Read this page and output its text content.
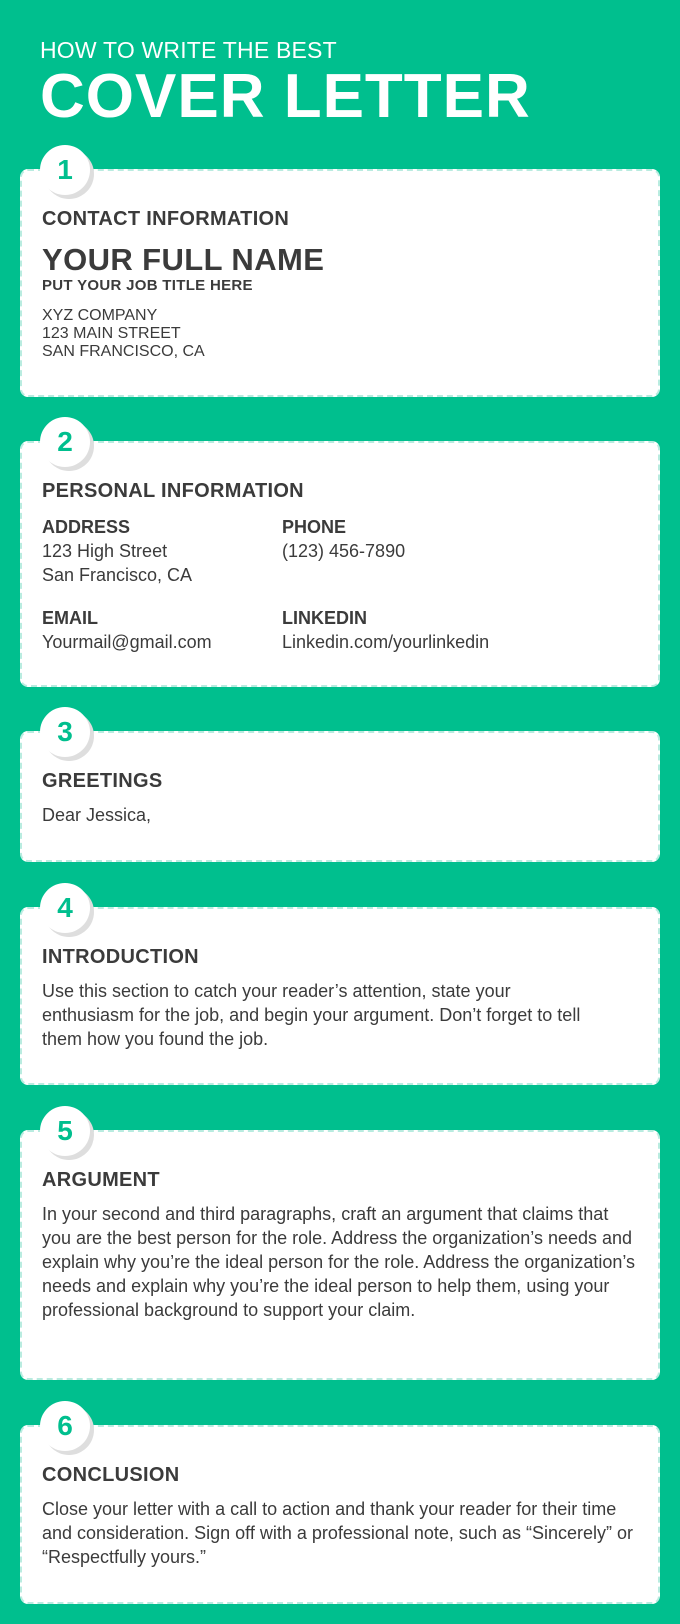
HOW TO WRITE THE BEST
COVER LETTER
1
CONTACT INFORMATION
YOUR FULL NAME
PUT YOUR JOB TITLE HERE
XYZ COMPANY
123 MAIN STREET
SAN FRANCISCO, CA
2
PERSONAL INFORMATION
ADDRESS
123 High Street
San Francisco, CA
PHONE
(123) 456-7890
EMAIL
Yourmail@gmail.com
LINKEDIN
Linkedin.com/yourlinkedin
3
GREETINGS
Dear Jessica,
4
INTRODUCTION
Use this section to catch your reader’s attention, state your enthusiasm for the job, and begin your argument. Don’t forget to tell them how you found the job.
5
ARGUMENT
In your second and third paragraphs, craft an argument that claims that you are the best person for the role. Address the organization’s needs and explain why you’re the ideal person for the role. Address the organization’s needs and explain why you’re the ideal person to help them, using your professional background to support your claim.
6
CONCLUSION
Close your letter with a call to action and thank your reader for their time and consideration. Sign off with a professional note, such as “Sincerely” or “Respectfully yours.”
